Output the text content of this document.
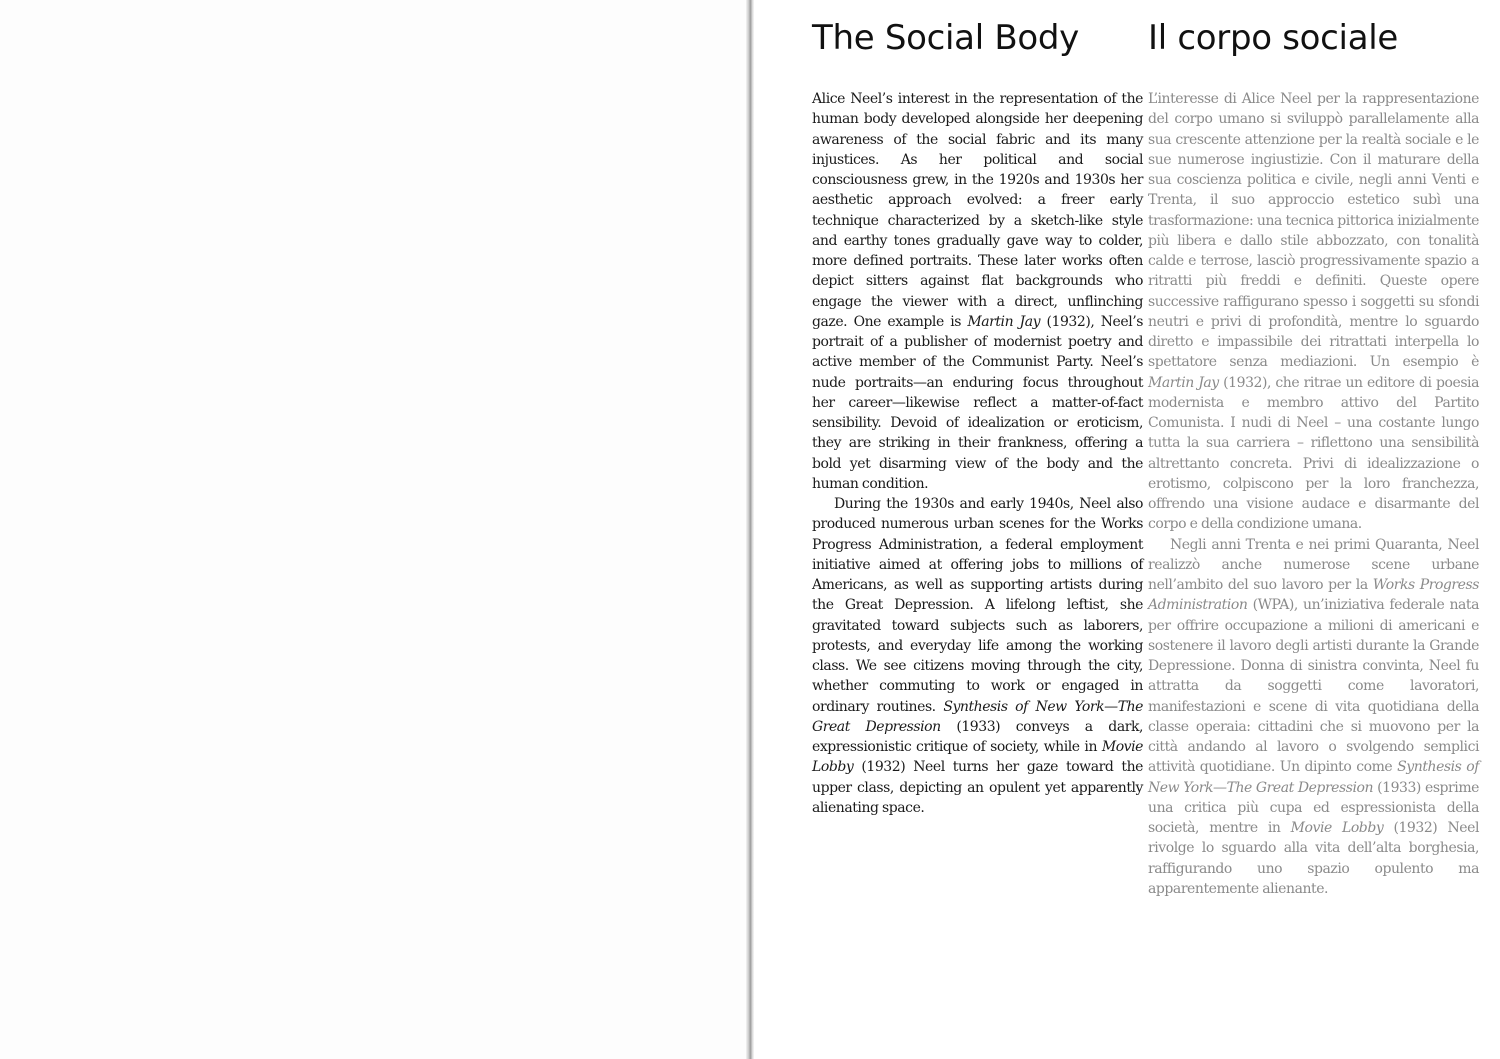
The Social Body Il corpo sociale

Alice Neel’s interest in the representation of the human body developed alongside her deepening awareness of the social fabric and its many injustices. As her political and social consciousness grew, in the 1920s and 1930s her aesthetic approach evolved: a freer early technique characterized by a sketch-like style and earthy tones gradually gave way to colder, more defined portraits. These later works often depict sitters against flat backgrounds who engage the viewer with a direct, unflinching gaze. One example is Martin Jay (1932), Neel’s portrait of a publisher of modernist poetry and active member of the Communist Party. Neel’s nude portraits—an enduring focus throughout her career—likewise reflect a matter-of-fact sensibility. Devoid of idealization or eroticism, they are striking in their frankness, offering a bold yet disarming view of the body and the human condition.

During the 1930s and early 1940s, Neel also produced numerous urban scenes for the Works Progress Administration, a federal employment initiative aimed at offering jobs to millions of Americans, as well as supporting artists during the Great Depression. A lifelong leftist, she gravitated toward subjects such as laborers, protests, and everyday life among the working class. We see citizens moving through the city, whether commuting to work or engaged in ordinary routines. Synthesis of New York—The Great Depression (1933) conveys a dark, expressionistic critique of society, while in Movie Lobby (1932) Neel turns her gaze toward the upper class, depicting an opulent yet apparently alienating space.

L’interesse di Alice Neel per la rappresentazione del corpo umano si sviluppò parallelamente alla sua crescente attenzione per la realtà sociale e le sue numerose ingiustizie. Con il maturare della sua coscienza politica e civile, negli anni Venti e Trenta, il suo approccio estetico subì una trasformazione: una tecnica pittorica inizialmente più libera e dallo stile abbozzato, con tonalità calde e terrose, lasciò progressivamente spazio a ritratti più freddi e definiti. Queste opere successive raffigurano spesso i soggetti su sfondi neutri e privi di profondità, mentre lo sguardo diretto e impassibile dei ritrattati interpella lo spettatore senza mediazioni. Un esempio è Martin Jay (1932), che ritrae un editore di poesia modernista e membro attivo del Partito Comunista. I nudi di Neel – una costante lungo tutta la sua carriera – riflettono una sensibilità altrettanto concreta. Privi di idealizzazione o erotismo, colpiscono per la loro franchezza, offrendo una visione audace e disarmante del corpo e della condizione umana.

Negli anni Trenta e nei primi Quaranta, Neel realizzò anche numerose scene urbane nell’ambito del suo lavoro per la Works Progress Administration (WPA), un’iniziativa federale nata per offrire occupazione a milioni di americani e sostenere il lavoro degli artisti durante la Grande Depressione. Donna di sinistra convinta, Neel fu attratta da soggetti come lavoratori, manifestazioni e scene di vita quotidiana della classe operaia: cittadini che si muovono per la città andando al lavoro o svolgendo semplici attività quotidiane. Un dipinto come Synthesis of New York—The Great Depression (1933) esprime una critica più cupa ed espressionista della società, mentre in Movie Lobby (1932) Neel rivolge lo sguardo alla vita dell’alta borghesia, raffigurando uno spazio opulento ma apparentemente alienante.
